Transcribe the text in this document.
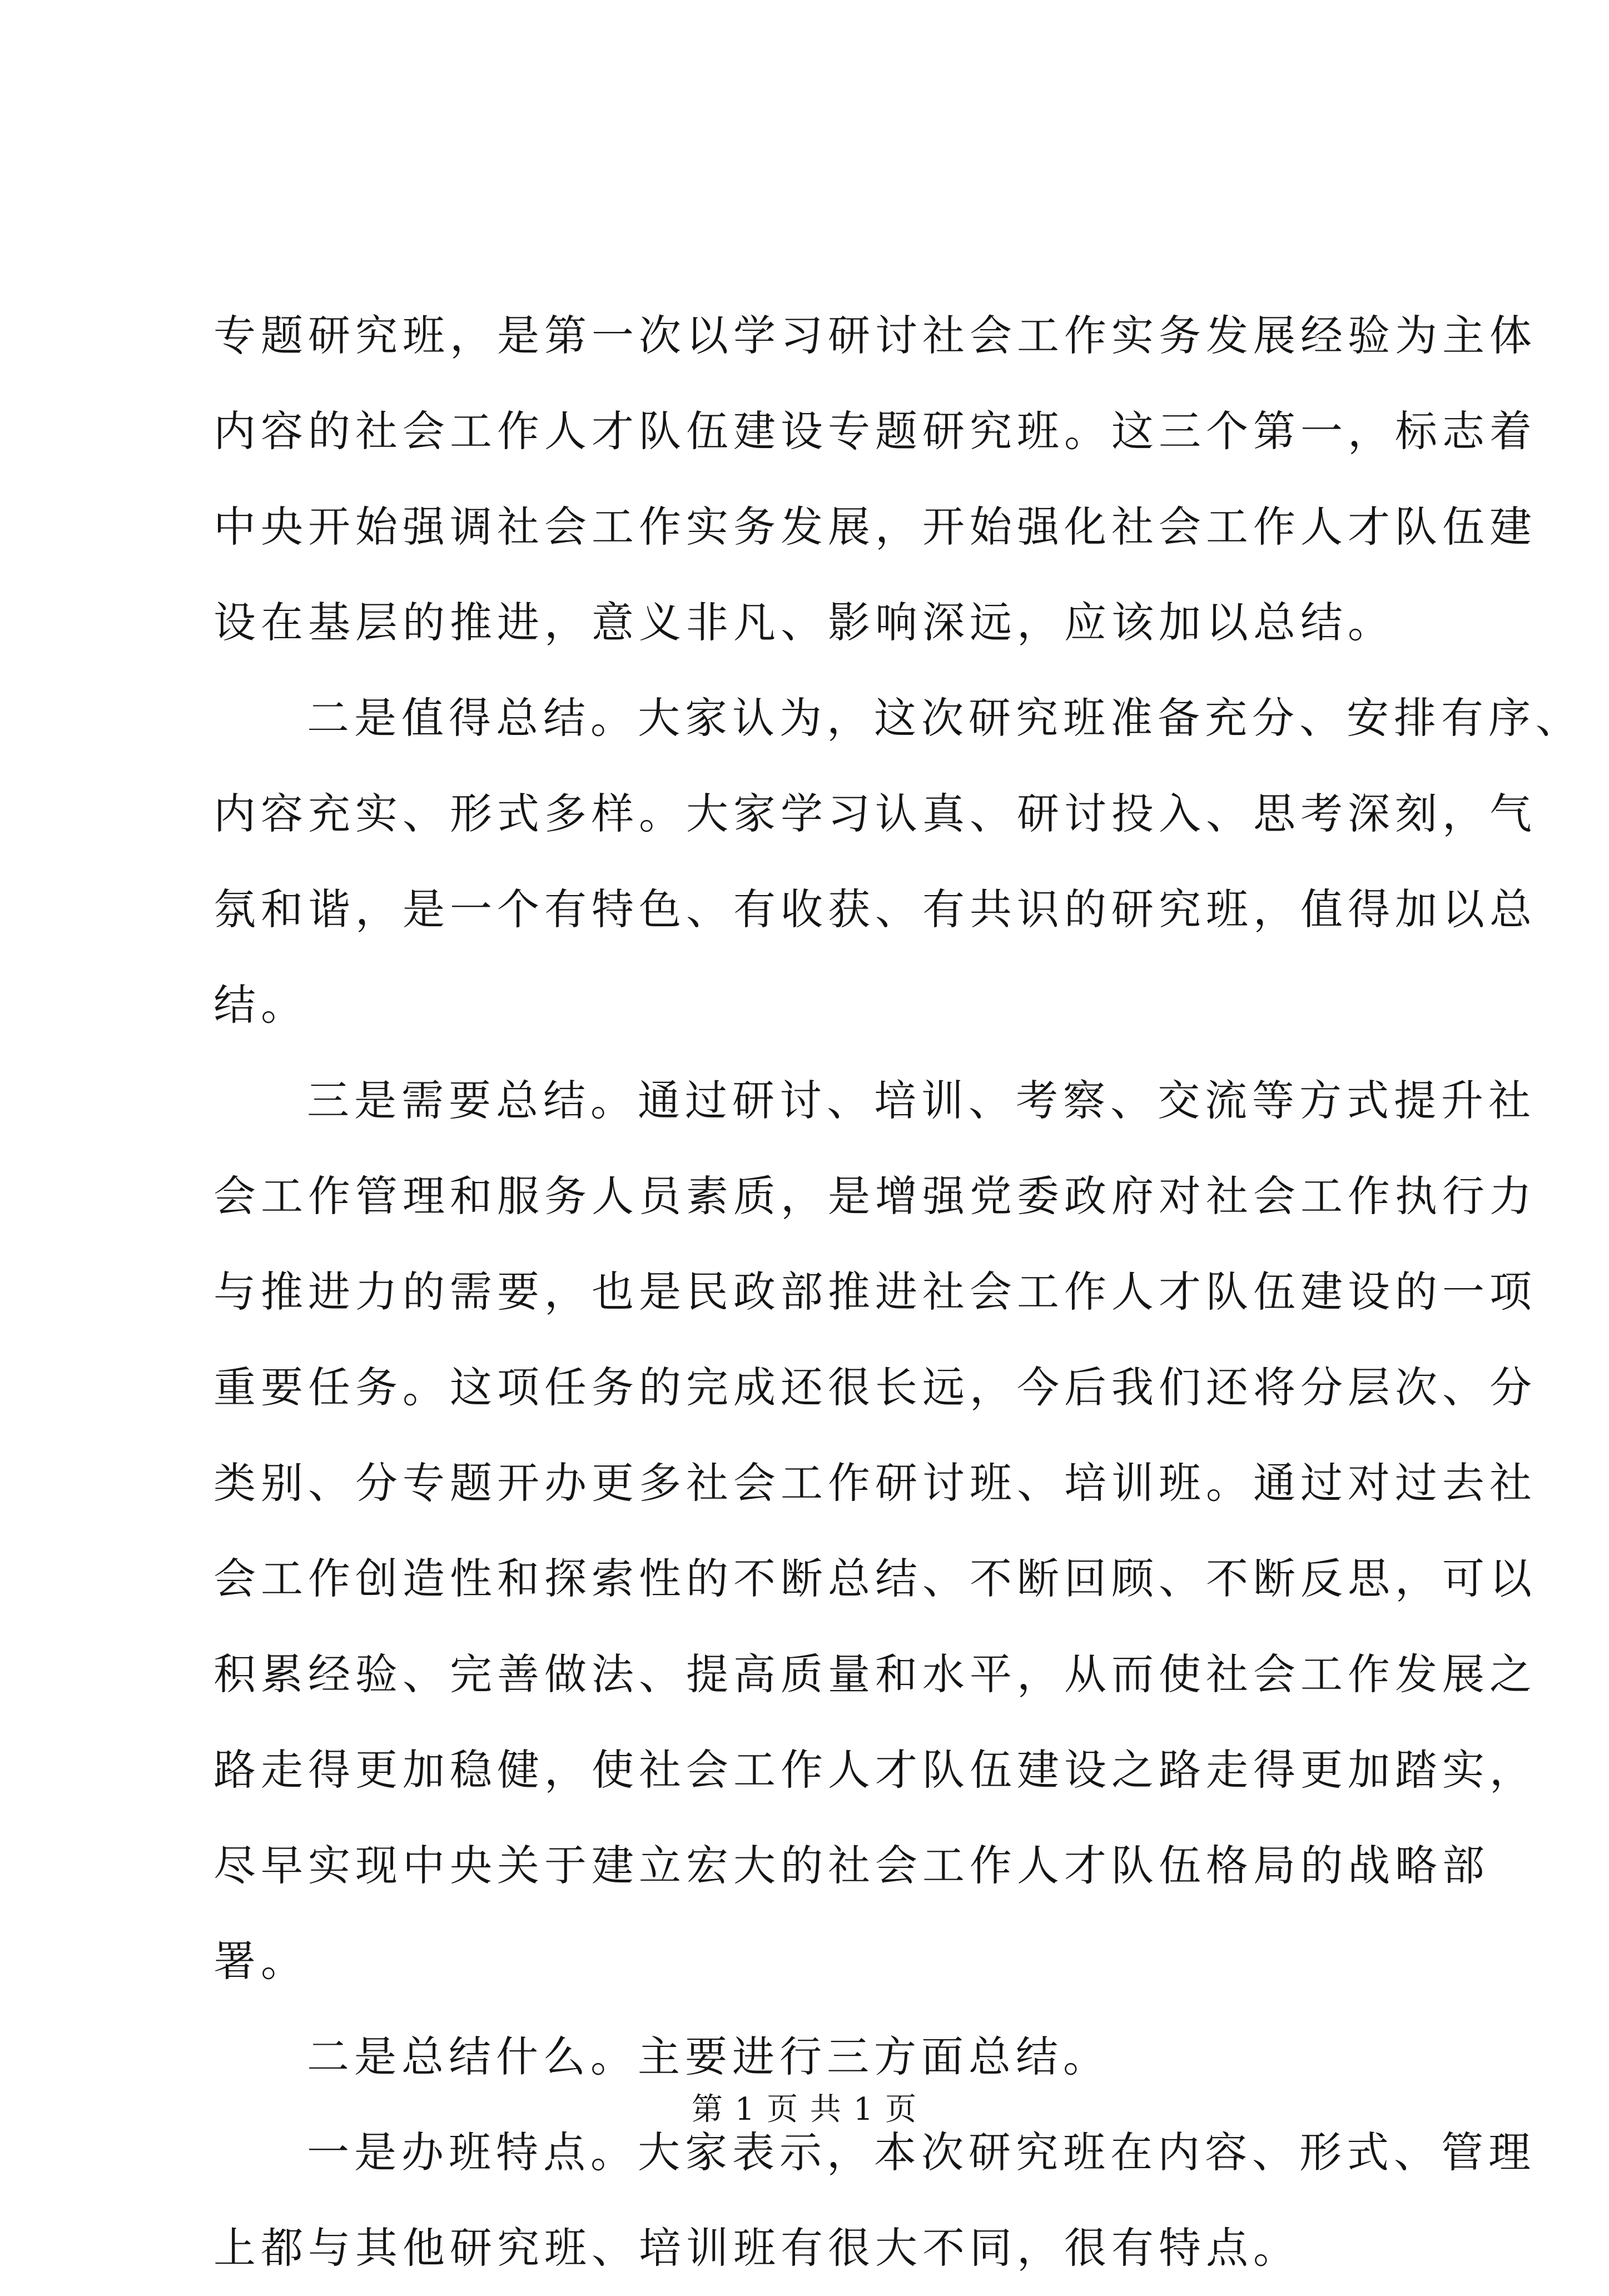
专题研究班，是第一次以学习研讨社会工作实务发展经验为主体
内容的社会工作人才队伍建设专题研究班。这三个第一，标志着
中央开始强调社会工作实务发展，开始强化社会工作人才队伍建
设在基层的推进，意义非凡、影响深远，应该加以总结。
二是值得总结。大家认为，这次研究班准备充分、安排有序、
内容充实、形式多样。大家学习认真、研讨投入、思考深刻，气
氛和谐，是一个有特色、有收获、有共识的研究班，值得加以总
结。
三是需要总结。通过研讨、培训、考察、交流等方式提升社
会工作管理和服务人员素质，是增强党委政府对社会工作执行力
与推进力的需要，也是民政部推进社会工作人才队伍建设的一项
重要任务。这项任务的完成还很长远，今后我们还将分层次、分
类别、分专题开办更多社会工作研讨班、培训班。通过对过去社
会工作创造性和探索性的不断总结、不断回顾、不断反思，可以
积累经验、完善做法、提高质量和水平，从而使社会工作发展之
路走得更加稳健，使社会工作人才队伍建设之路走得更加踏实，
尽早实现中央关于建立宏大的社会工作人才队伍格局的战略部
署。
二是总结什么。主要进行三方面总结。
一是办班特点。大家表示，本次研究班在内容、形式、管理
上都与其他研究班、培训班有很大不同，很有特点。
第 1 页 共 1 页
